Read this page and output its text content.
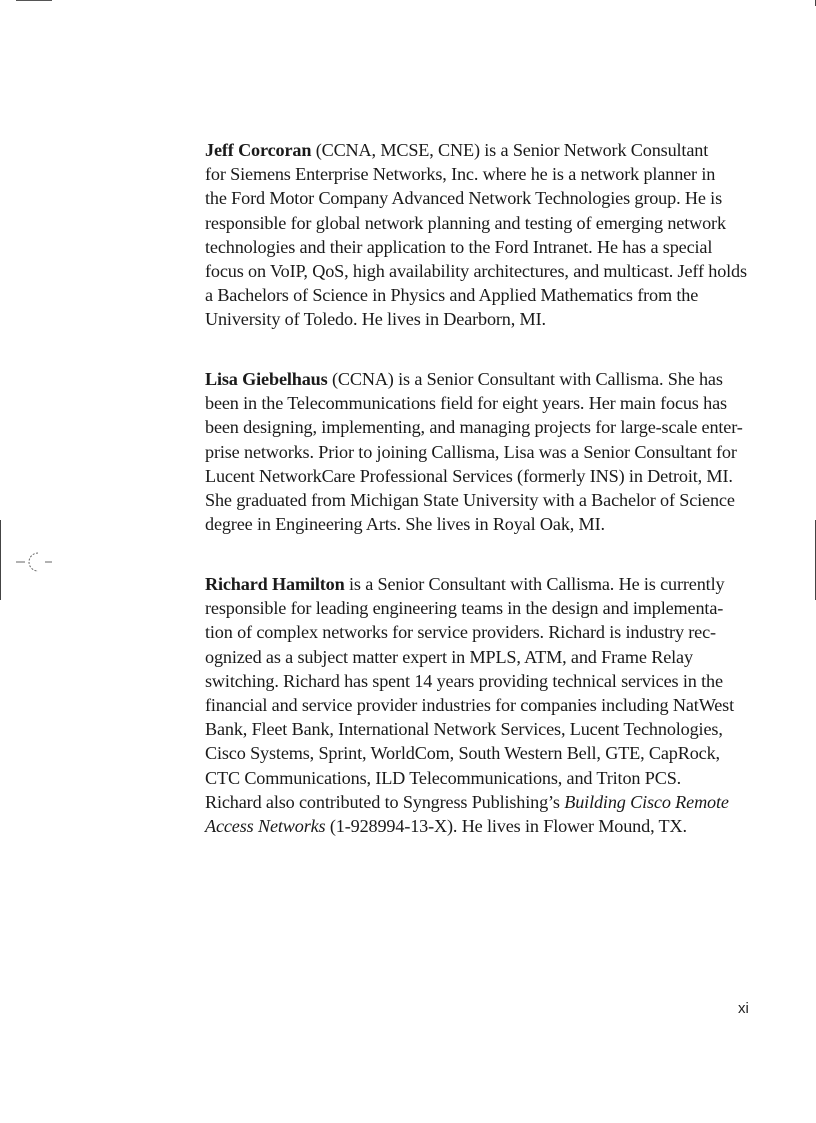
Jeff Corcoran (CCNA, MCSE, CNE) is a Senior Network Consultant
for Siemens Enterprise Networks, Inc. where he is a network planner in
the Ford Motor Company Advanced Network Technologies group. He is
responsible for global network planning and testing of emerging network
technologies and their application to the Ford Intranet. He has a special
focus on VoIP, QoS, high availability architectures, and multicast. Jeff holds
a Bachelors of Science in Physics and Applied Mathematics from the
University of Toledo. He lives in Dearborn, MI.
Lisa Giebelhaus (CCNA) is a Senior Consultant with Callisma. She has
been in the Telecommunications field for eight years. Her main focus has
been designing, implementing, and managing projects for large-scale enter-
prise networks. Prior to joining Callisma, Lisa was a Senior Consultant for
Lucent NetworkCare Professional Services (formerly INS) in Detroit, MI.
She graduated from Michigan State University with a Bachelor of Science
degree in Engineering Arts. She lives in Royal Oak, MI.
Richard Hamilton is a Senior Consultant with Callisma. He is currently
responsible for leading engineering teams in the design and implementa-
tion of complex networks for service providers. Richard is industry rec-
ognized as a subject matter expert in MPLS, ATM, and Frame Relay
switching. Richard has spent 14 years providing technical services in the
financial and service provider industries for companies including NatWest
Bank, Fleet Bank, International Network Services, Lucent Technologies,
Cisco Systems, Sprint, WorldCom, South Western Bell, GTE, CapRock,
CTC Communications, ILD Telecommunications, and Triton PCS.
Richard also contributed to Syngress Publishing’s Building Cisco Remote
Access Networks (1-928994-13-X). He lives in Flower Mound, TX.
xi
